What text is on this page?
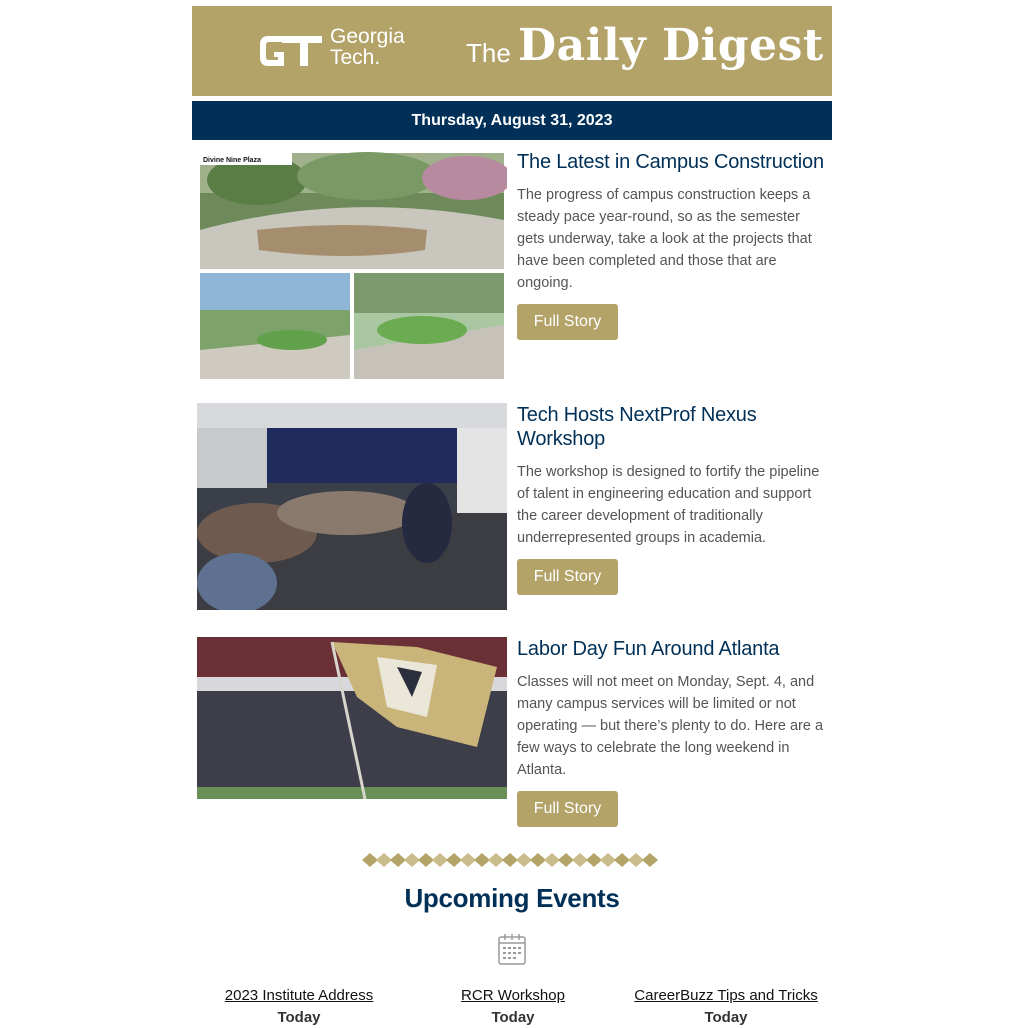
Georgia
Tech.	The Daily Digest
Thursday, August 31, 2023
Divine Nine Plaza	The Latest in Campus Construction

The progress of campus construction keeps a steady pace year-round, so as the semester gets underway, take a look at the projects that have been completed and those that are ongoing.

Full Story
Tech Hosts NextProf Nexus Workshop

The workshop is designed to fortify the pipeline of talent in engineering education and support the career development of traditionally underrepresented groups in academia.

Full Story
Labor Day Fun Around Atlanta

Classes will not meet on Monday, Sept. 4, and many campus services will be limited or not operating — but there’s plenty to do. Here are a few ways to celebrate the long weekend in Atlanta.

Full Story
Upcoming Events
2023 Institute Address
Today
RCR Workshop
Today
CareerBuzz Tips and Tricks
Today
